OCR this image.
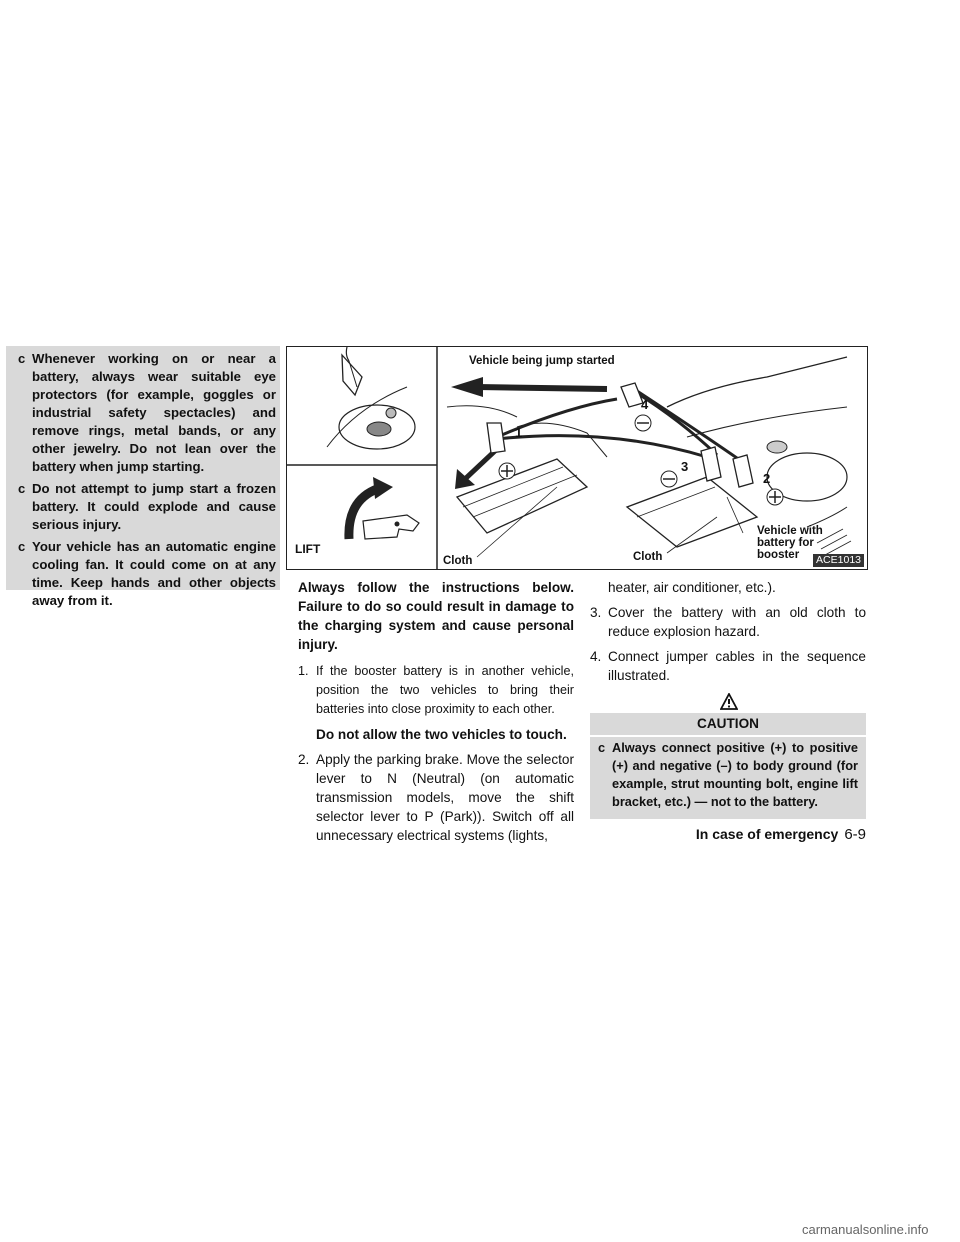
c Whenever working on or near a battery, always wear suitable eye protectors (for example, goggles or industrial safety spectacles) and remove rings, metal bands, or any other jewelry. Do not lean over the battery when jump starting.
c Do not attempt to jump start a frozen battery. It could explode and cause serious injury.
c Your vehicle has an automatic engine cooling fan. It could come on at any time. Keep hands and other objects away from it.
Vehicle being jump started
LIFT
Cloth	Cloth
Vehicle with battery for booster
1
2
3
4
ACE1013

Always follow the instructions below. Failure to do so could result in damage to the charging system and cause personal injury.

1. If the booster battery is in another vehicle, position the two vehicles to bring their batteries into close proximity to each other.

Do not allow the two vehicles to touch.

2. Apply the parking brake. Move the selector lever to N (Neutral) (on automatic transmission models, move the shift selector lever to P (Park)). Switch off all unnecessary electrical systems (lights,

heater, air conditioner, etc.).

3. Cover the battery with an old cloth to reduce explosion hazard.
4. Connect jumper cables in the sequence illustrated.
CAUTION
c Always connect positive (+) to positive (+) and negative (–) to body ground (for example, strut mounting bolt, engine lift bracket, etc.) — not to the battery.
In case of emergency 6-9
carmanualsonline.info
